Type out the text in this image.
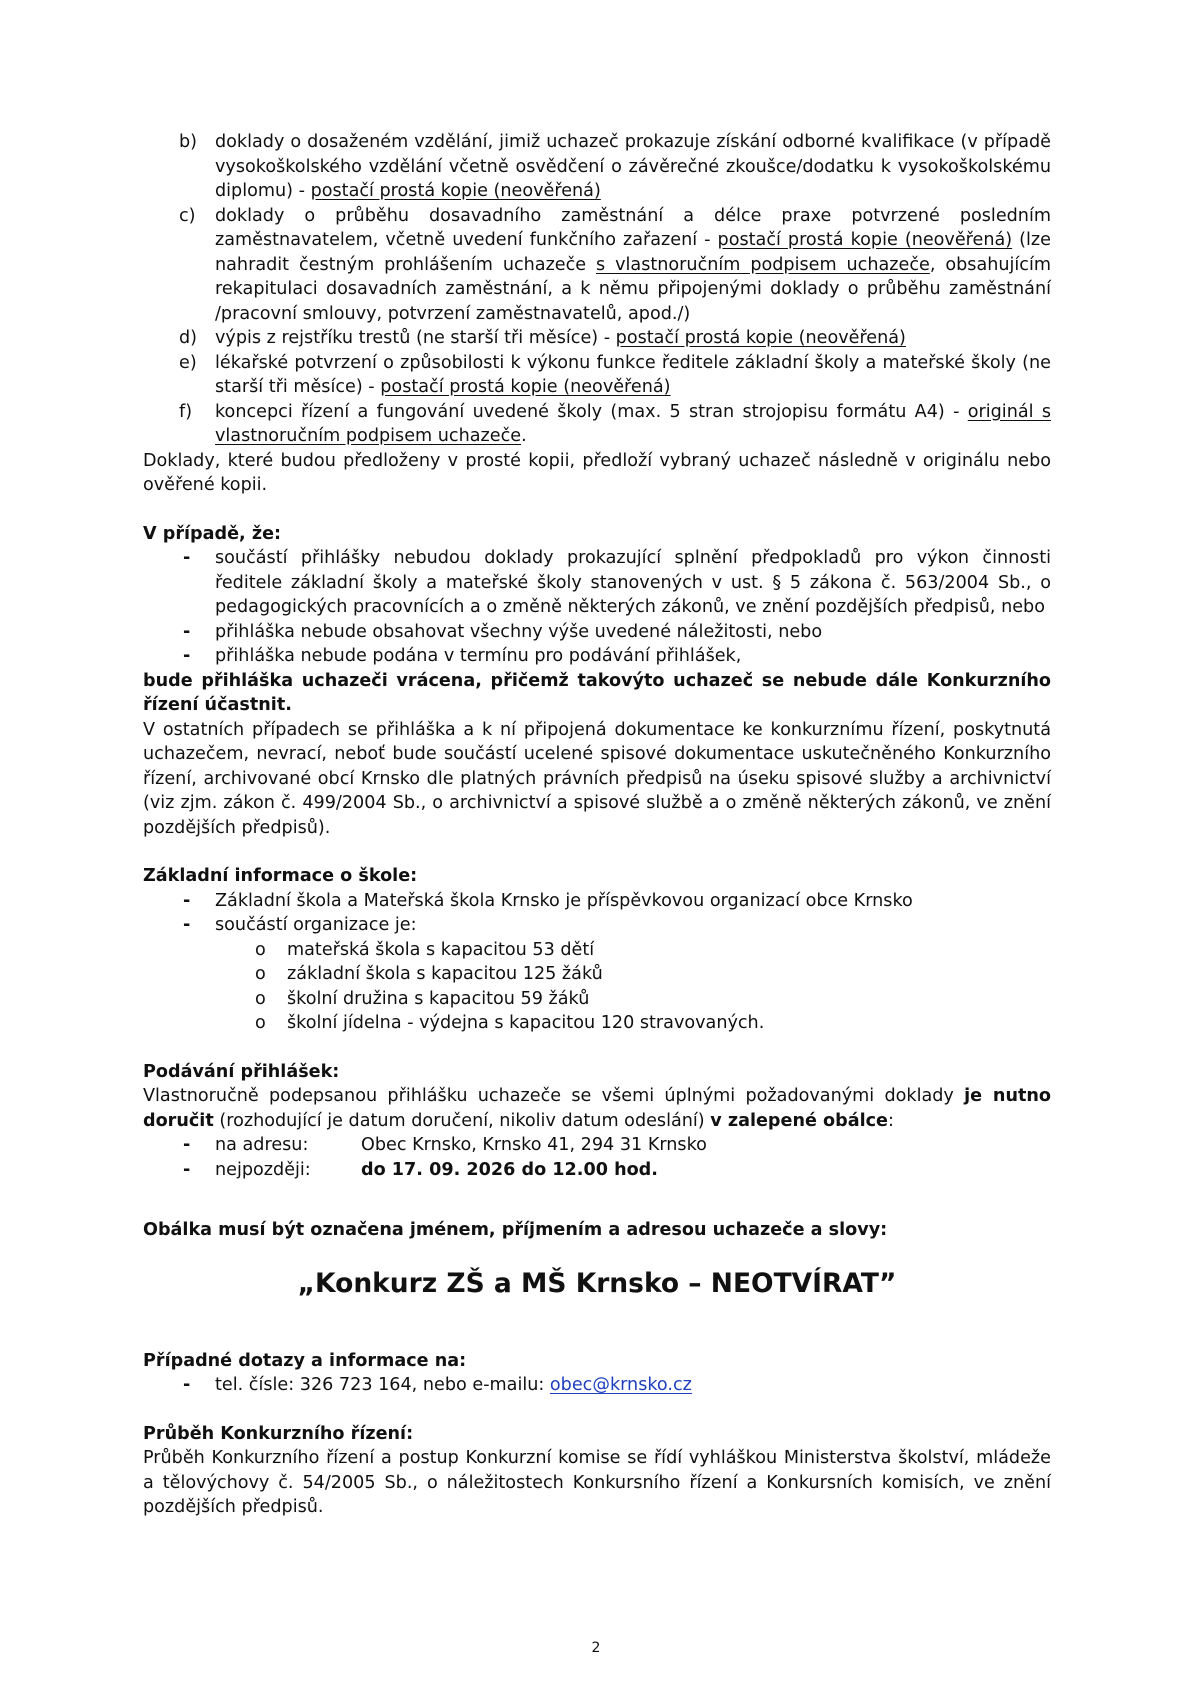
b)	doklady o dosaženém vzdělání, jimiž uchazeč prokazuje získání odborné kvalifikace (v případě vysokoškolského vzdělání včetně osvědčení o závěrečné zkoušce/dodatku k vysokoškolskému diplomu) - postačí prostá kopie (neověřená)
c)	doklady o průběhu dosavadního zaměstnání a délce praxe potvrzené posledním zaměstnavatelem, včetně uvedení funkčního zařazení - postačí prostá kopie (neověřená) (lze nahradit čestným prohlášením uchazeče s vlastnoručním podpisem uchazeče, obsahujícím rekapitulaci dosavadních zaměstnání, a k němu připojenými doklady o průběhu zaměstnání /pracovní smlouvy, potvrzení zaměstnavatelů, apod./)
d)	výpis z rejstříku trestů (ne starší tři měsíce) - postačí prostá kopie (neověřená)
e)	lékařské potvrzení o způsobilosti k výkonu funkce ředitele základní školy a mateřské školy (ne starší tři měsíce) - postačí prostá kopie (neověřená)
f)	koncepci řízení a fungování uvedené školy (max. 5 stran strojopisu formátu A4) - originál s vlastnoručním podpisem uchazeče.
Doklady, které budou předloženy v prosté kopii, předloží vybraný uchazeč následně v originálu nebo ověřené kopii.
V případě, že:
-	součástí přihlášky nebudou doklady prokazující splnění předpokladů pro výkon činnosti ředitele základní školy a mateřské školy stanovených v ust. § 5 zákona č. 563/2004 Sb., o pedagogických pracovnících a o změně některých zákonů, ve znění pozdějších předpisů, nebo
-	přihláška nebude obsahovat všechny výše uvedené náležitosti, nebo
-	přihláška nebude podána v termínu pro podávání přihlášek,
bude přihláška uchazeči vrácena, přičemž takovýto uchazeč se nebude dále Konkurzního řízení účastnit.
V ostatních případech se přihláška a k ní připojená dokumentace ke konkurznímu řízení, poskytnutá uchazečem, nevrací, neboť bude součástí ucelené spisové dokumentace uskutečněného Konkurzního řízení, archivované obcí Krnsko dle platných právních předpisů na úseku spisové služby a archivnictví (viz zjm. zákon č. 499/2004 Sb., o archivnictví a spisové službě a o změně některých zákonů, ve znění pozdějších předpisů).
Základní informace o škole:
-	Základní škola a Mateřská škola Krnsko je příspěvkovou organizací obce Krnsko
-	součástí organizace je:
o	mateřská škola s kapacitou 53 dětí
o	základní škola s kapacitou 125 žáků
o	školní družina s kapacitou 59 žáků
o	školní jídelna - výdejna s kapacitou 120 stravovaných.
Podávání přihlášek:
Vlastnoručně podepsanou přihlášku uchazeče se všemi úplnými požadovanými doklady je nutno doručit (rozhodující je datum doručení, nikoliv datum odeslání) v zalepené obálce:
-	na adresu:	Obec Krnsko, Krnsko 41, 294 31 Krnsko
-	nejpozději:	do 17. 09. 2026 do 12.00 hod.
Obálka musí být označena jménem, příjmením a adresou uchazeče a slovy:

„Konkurz ZŠ a MŠ Krnsko – NEOTVÍRAT”

Případné dotazy a informace na:
-	tel. čísle: 326 723 164, nebo e-mailu: obec@krnsko.cz
Průběh Konkurzního řízení:
Průběh Konkurzního řízení a postup Konkurzní komise se řídí vyhláškou Ministerstva školství, mládeže a tělovýchovy č. 54/2005 Sb., o náležitostech Konkursního řízení a Konkursních komisích, ve znění pozdějších předpisů.
2
